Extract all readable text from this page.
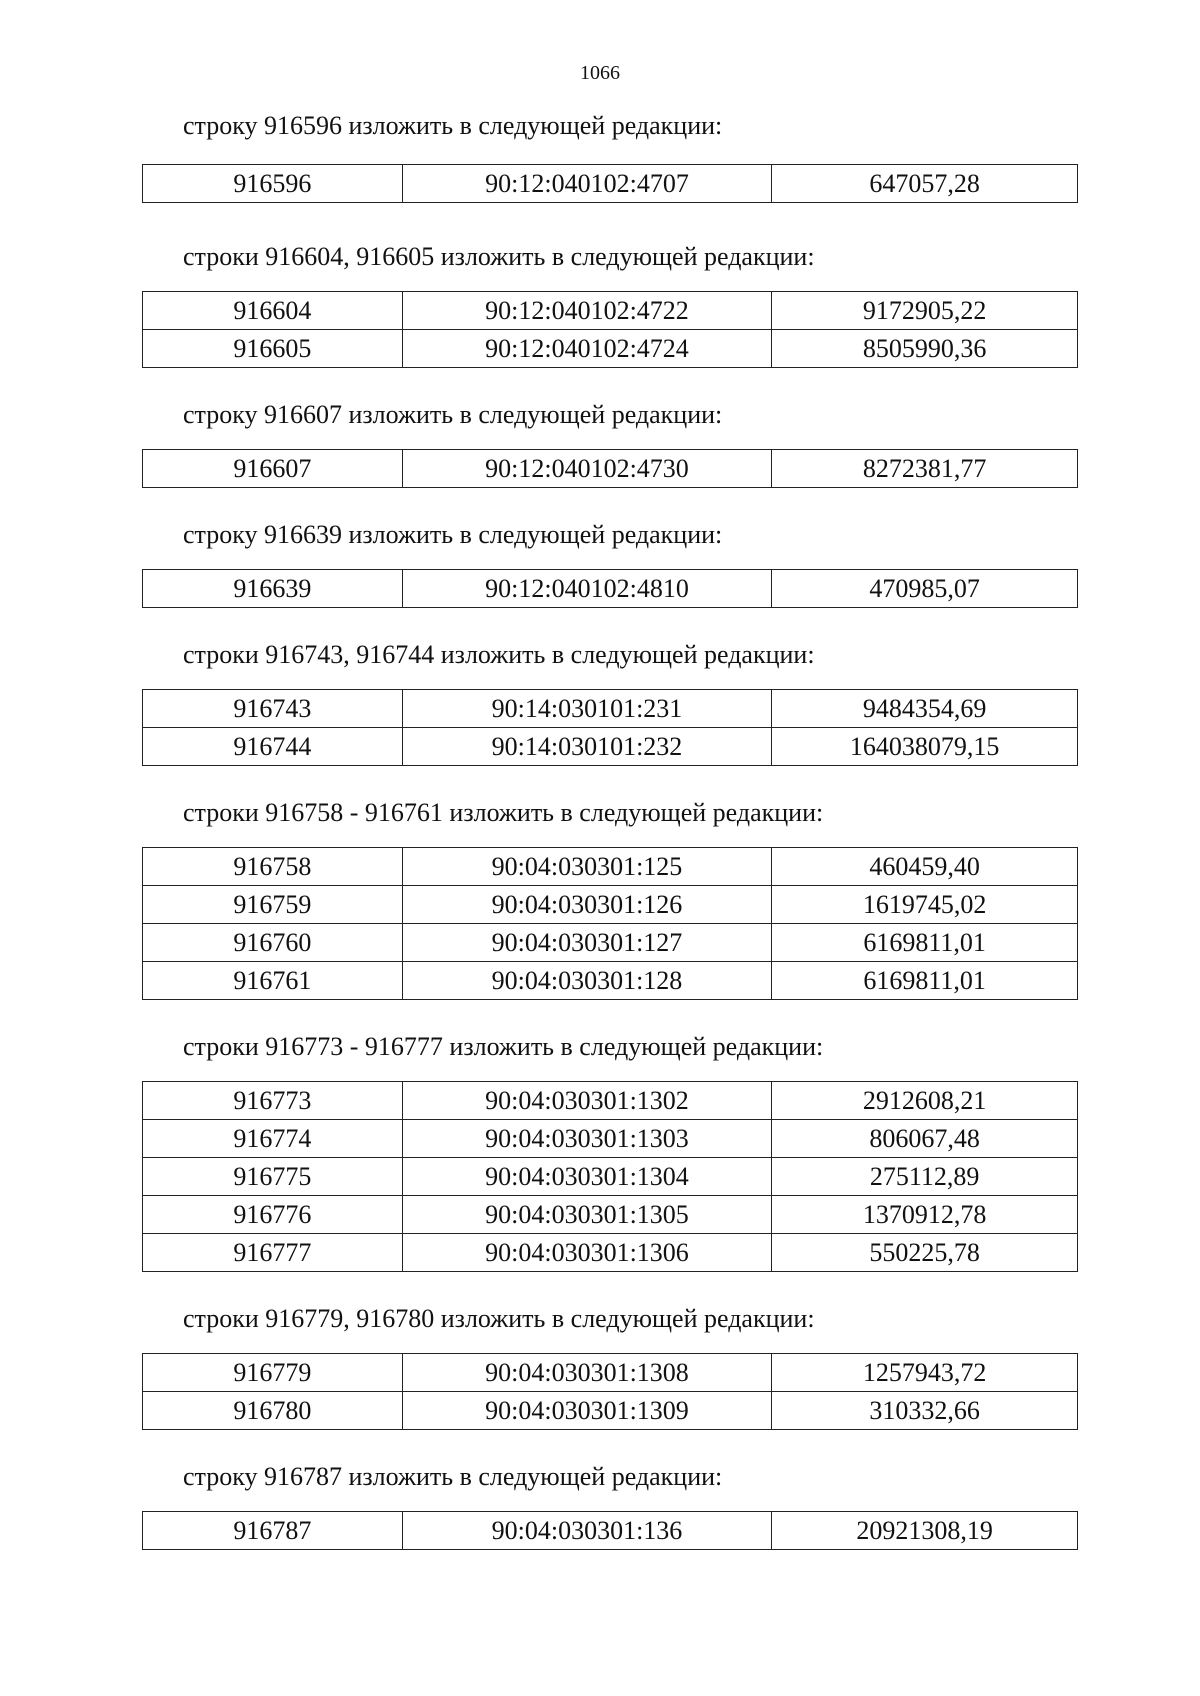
1066

строку 916596 изложить в следующей редакции:

916596	90:12:040102:4707	647057,28

строки 916604, 916605 изложить в следующей редакции:

916604	90:12:040102:4722	9172905,22
916605	90:12:040102:4724	8505990,36

строку 916607 изложить в следующей редакции:

916607	90:12:040102:4730	8272381,77

строку 916639 изложить в следующей редакции:

916639	90:12:040102:4810	470985,07

строки 916743, 916744 изложить в следующей редакции:

916743	90:14:030101:231	9484354,69
916744	90:14:030101:232	164038079,15

строки 916758 - 916761 изложить в следующей редакции:

916758	90:04:030301:125	460459,40
916759	90:04:030301:126	1619745,02
916760	90:04:030301:127	6169811,01
916761	90:04:030301:128	6169811,01

строки 916773 - 916777 изложить в следующей редакции:

916773	90:04:030301:1302	2912608,21
916774	90:04:030301:1303	806067,48
916775	90:04:030301:1304	275112,89
916776	90:04:030301:1305	1370912,78
916777	90:04:030301:1306	550225,78

строки 916779, 916780 изложить в следующей редакции:

916779	90:04:030301:1308	1257943,72
916780	90:04:030301:1309	310332,66

строку 916787 изложить в следующей редакции:

916787	90:04:030301:136	20921308,19
